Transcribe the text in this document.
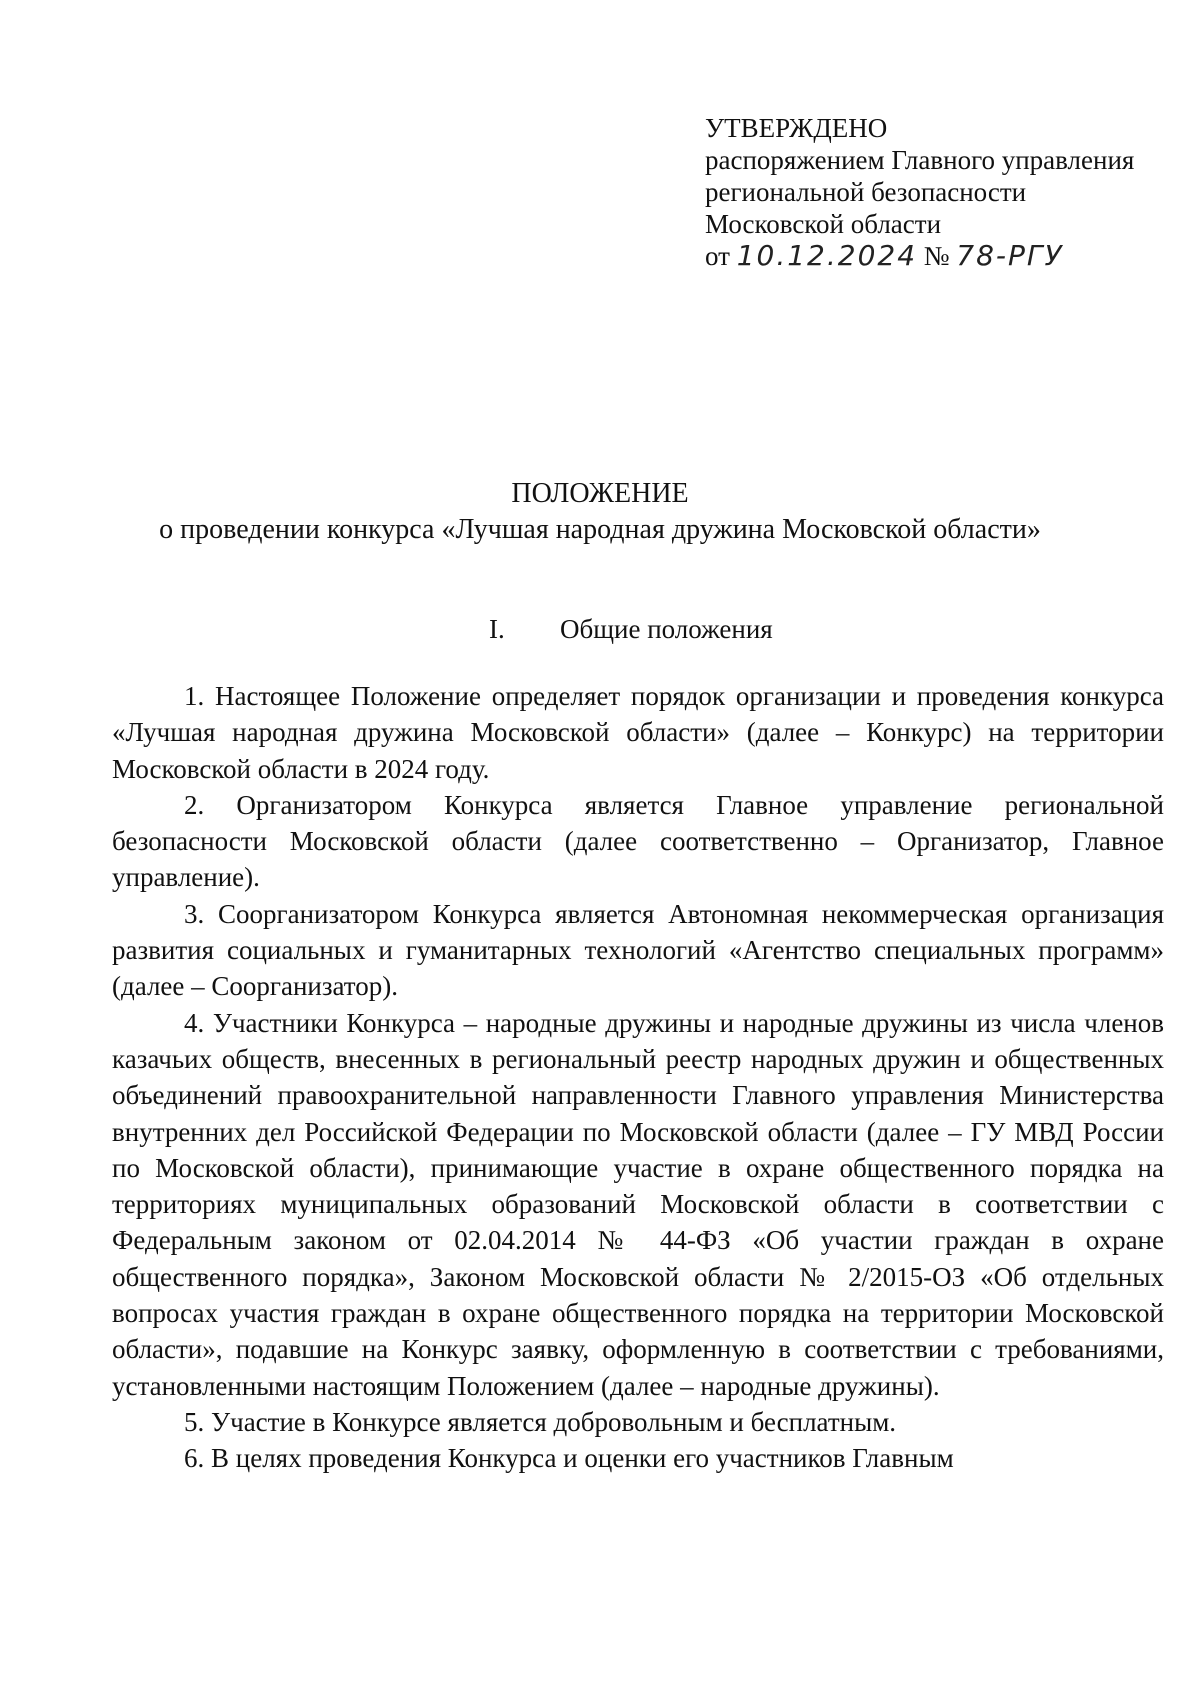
УТВЕРЖДЕНО
распоряжением Главного управления
региональной безопасности
Московской области
от 10.12.2024 № 78-РГУ
ПОЛОЖЕНИЕ
о проведении конкурса «Лучшая народная дружина Московской области»
I. Общие положения

1. Настоящее Положение определяет порядок организации и проведения конкурса «Лучшая народная дружина Московской области» (далее – Конкурс) на территории Московской области в 2024 году.

2. Организатором Конкурса является Главное управление региональной безопасности Московской области (далее соответственно – Организатор, Главное управление).

3. Соорганизатором Конкурса является Автономная некоммерческая организация развития социальных и гуманитарных технологий «Агентство специальных программ» (далее – Соорганизатор).

4. Участники Конкурса – народные дружины и народные дружины из числа членов казачьих обществ, внесенных в региональный реестр народных дружин и общественных объединений правоохранительной направленности Главного управления Министерства внутренних дел Российской Федерации по Московской области (далее – ГУ МВД России по Московской области), принимающие участие в охране общественного порядка на территориях муниципальных образований Московской области в соответствии с Федеральным законом от 02.04.2014 № 44-ФЗ «Об участии граждан в охране общественного порядка», Законом Московской области № 2/2015-ОЗ «Об отдельных вопросах участия граждан в охране общественного порядка на территории Московской области», подавшие на Конкурс заявку, оформленную в соответствии с требованиями, установленными настоящим Положением (далее – народные дружины).

5. Участие в Конкурсе является добровольным и бесплатным.

6. В целях проведения Конкурса и оценки его участников Главным
